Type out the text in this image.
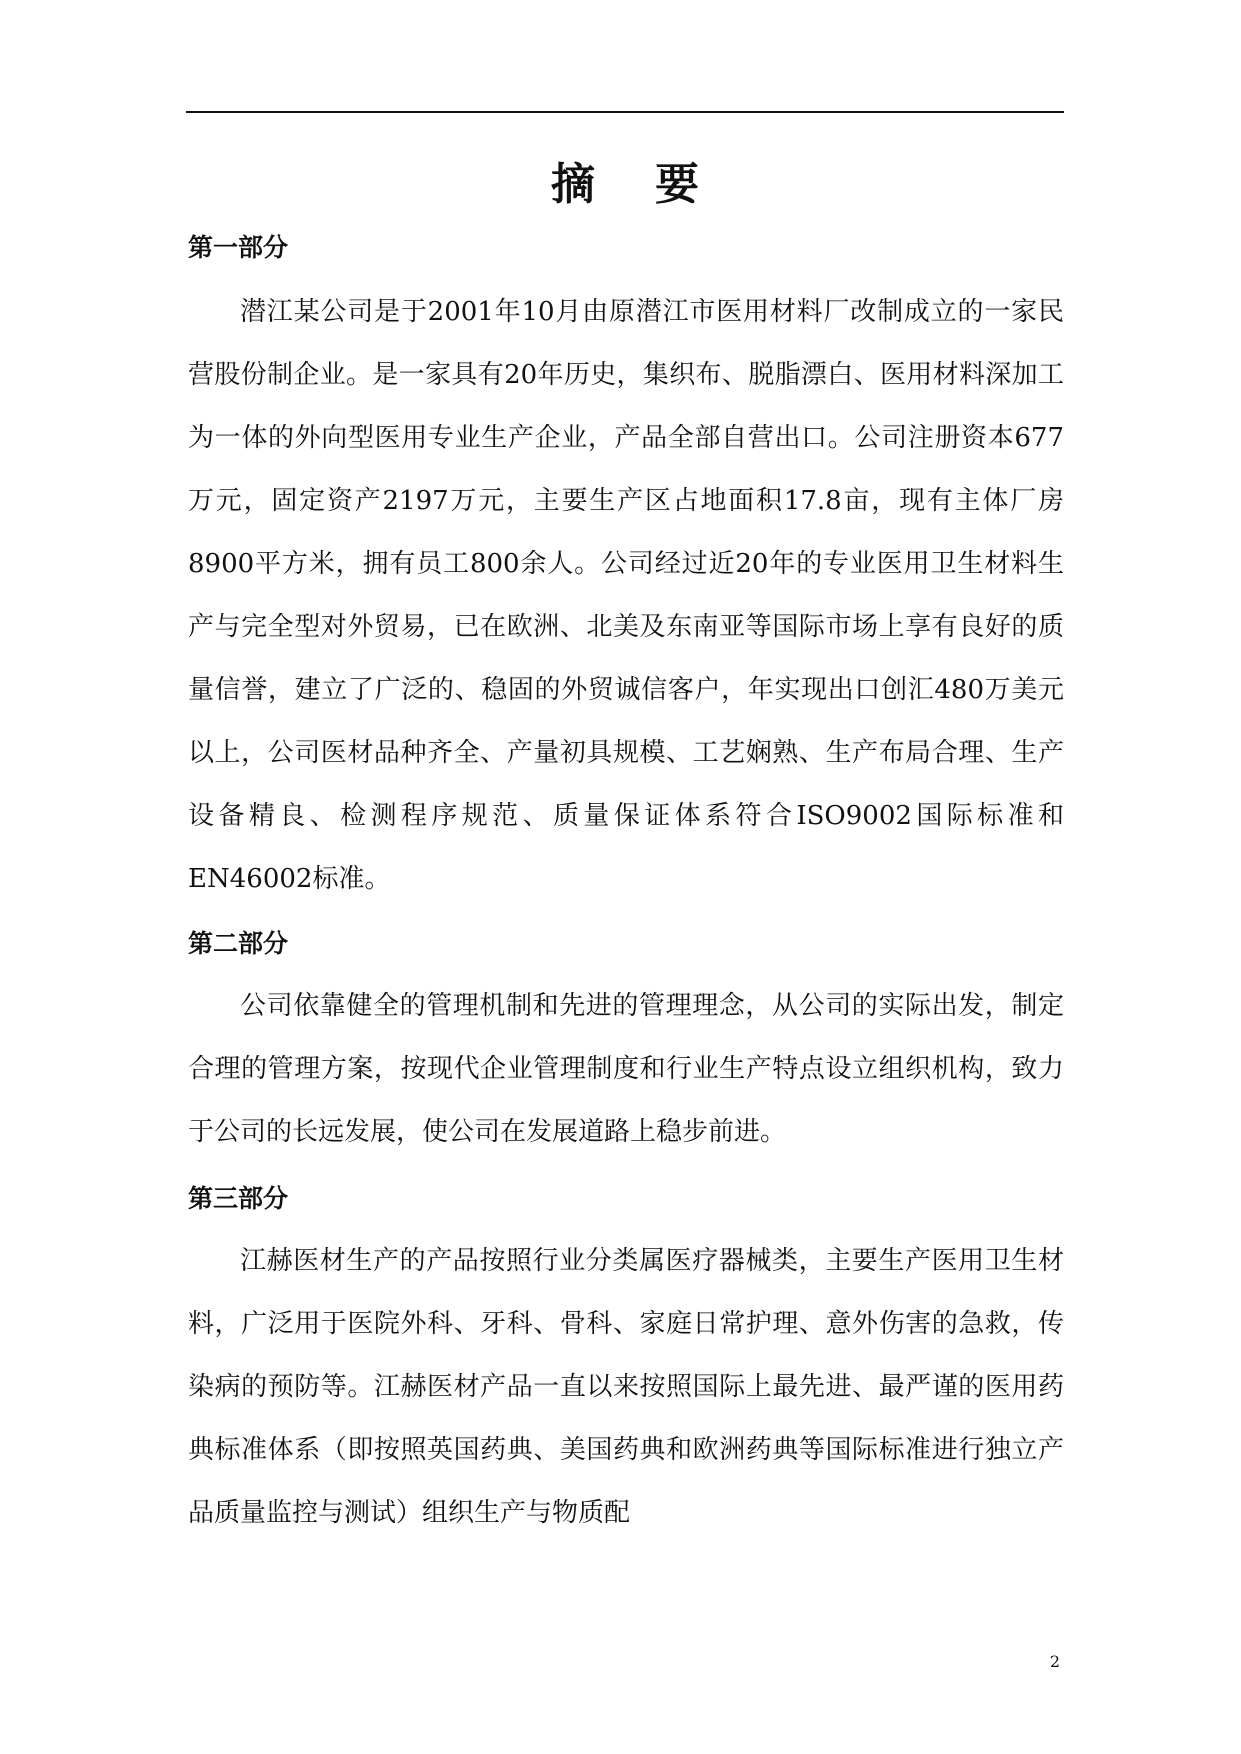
摘要
第一部分

潜江某公司是于2001年10月由原潜江市医用材料厂改制成立的一家民营股份制企业。是一家具有20年历史，集织布、脱脂漂白、医用材料深加工为一体的外向型医用专业生产企业，产品全部自营出口。公司注册资本677万元，固定资产2197万元，主要生产区占地面积17.8亩，现有主体厂房8900平方米，拥有员工800余人。公司经过近20年的专业医用卫生材料生产与完全型对外贸易，已在欧洲、北美及东南亚等国际市场上享有良好的质量信誉，建立了广泛的、稳固的外贸诚信客户，年实现出口创汇480万美元以上，公司医材品种齐全、产量初具规模、工艺娴熟、生产布局合理、生产设备精良、检测程序规范、质量保证体系符合ISO9002国际标准和EN46002标准。

第二部分

公司依靠健全的管理机制和先进的管理理念，从公司的实际出发，制定合理的管理方案，按现代企业管理制度和行业生产特点设立组织机构，致力于公司的长远发展，使公司在发展道路上稳步前进。

第三部分

江赫医材生产的产品按照行业分类属医疗器械类，主要生产医用卫生材料，广泛用于医院外科、牙科、骨科、家庭日常护理、意外伤害的急救，传染病的预防等。江赫医材产品一直以来按照国际上最先进、最严谨的医用药典标准体系（即按照英国药典、美国药典和欧洲药典等国际标准进行独立产品质量监控与测试）组织生产与物质配

2
